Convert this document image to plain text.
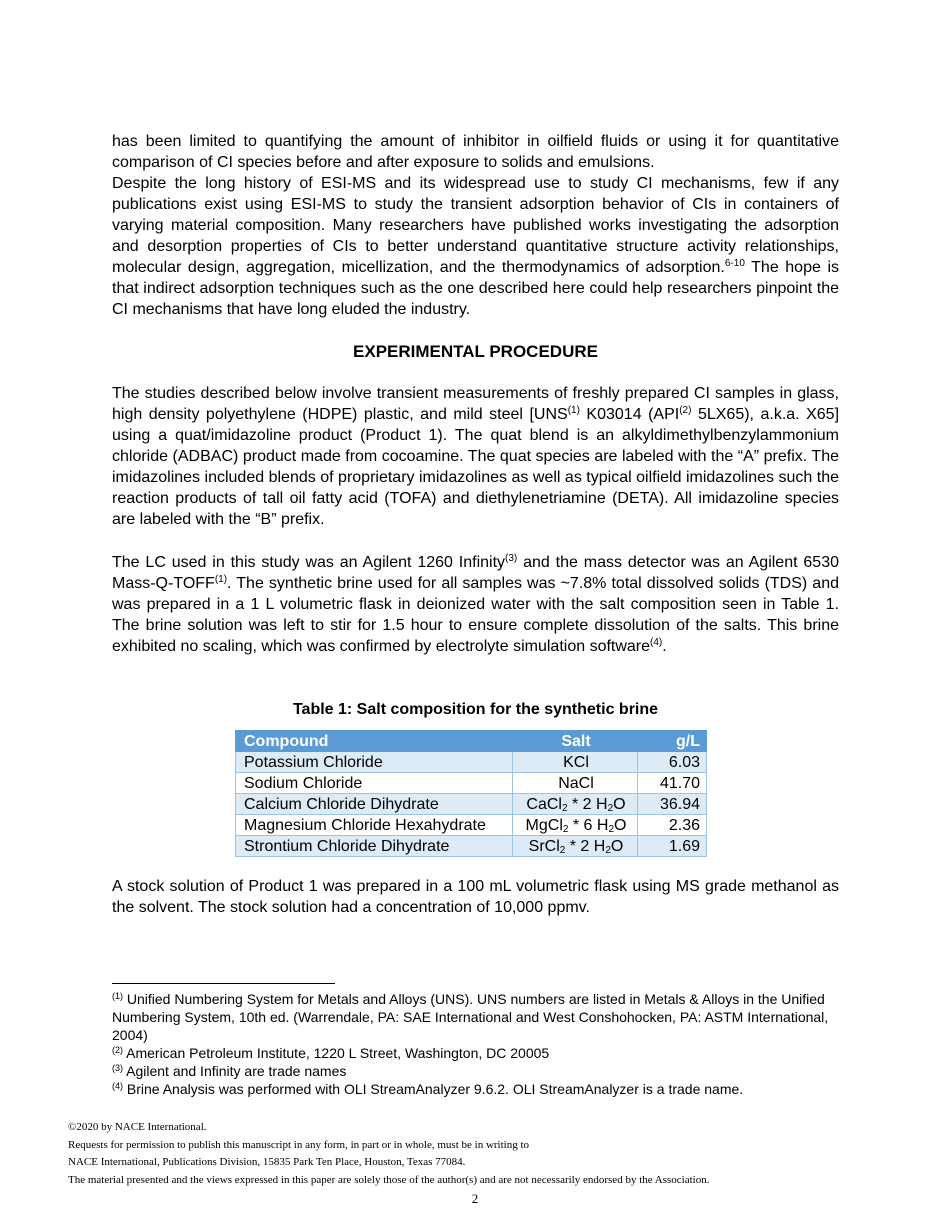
has been limited to quantifying the amount of inhibitor in oilfield fluids or using it for quantitative comparison of CI species before and after exposure to solids and emulsions.

Despite the long history of ESI-MS and its widespread use to study CI mechanisms, few if any publications exist using ESI-MS to study the transient adsorption behavior of CIs in containers of varying material composition. Many researchers have published works investigating the adsorption and desorption properties of CIs to better understand quantitative structure activity relationships, molecular design, aggregation, micellization, and the thermodynamics of adsorption.$^{6-10}$ The hope is that indirect adsorption techniques such as the one described here could help researchers pinpoint the CI mechanisms that have long eluded the industry.

EXPERIMENTAL PROCEDURE

The studies described below involve transient measurements of freshly prepared CI samples in glass, high density polyethylene (HDPE) plastic, and mild steel [UNS$^{(1)}$ K03014 (API$^{(2)}$ 5LX65), a.k.a. X65] using a quat/imidazoline product (Product 1). The quat blend is an alkyldimethylbenzylammonium chloride (ADBAC) product made from cocoamine. The quat species are labeled with the “A” prefix. The imidazolines included blends of proprietary imidazolines as well as typical oilfield imidazolines such the reaction products of tall oil fatty acid (TOFA) and diethylenetriamine (DETA). All imidazoline species are labeled with the “B” prefix.

The LC used in this study was an Agilent 1260 Infinity$^{(3)}$ and the mass detector was an Agilent 6530 Mass-Q-TOFF$^{(1)}$. The synthetic brine used for all samples was ~7.8% total dissolved solids (TDS) and was prepared in a 1 L volumetric flask in deionized water with the salt composition seen in Table 1. The brine solution was left to stir for 1.5 hour to ensure complete dissolution of the salts. This brine exhibited no scaling, which was confirmed by electrolyte simulation software$^{(4)}$.

Table 1: Salt composition for the synthetic brine
Compound	Salt	g/L
Potassium Chloride	KCl	6.03
Sodium Chloride	NaCl	41.70
Calcium Chloride Dihydrate	CaCl$_2$ * 2 $H_2O$	36.94
Magnesium Chloride Hexahydrate	MgCl$_2$ * 6 $H_2O$	2.36
Strontium Chloride Dihydrate	SrCl$_2$ * 2 $H_2O$	1.69

A stock solution of Product 1 was prepared in a 100 mL volumetric flask using MS grade methanol as the solvent. The stock solution had a concentration of 10,000 ppmv.

$^{(1)}$ Unified Numbering System for Metals and Alloys (UNS). UNS numbers are listed in Metals & Alloys in the Unified Numbering System, 10th ed. (Warrendale, PA: SAE International and West Conshohocken, PA: ASTM International, 2004)
$^{(2)}$ American Petroleum Institute, 1220 L Street, Washington, DC 20005
$^{(3)}$ Agilent and Infinity are trade names
$^{(4)}$ Brine Analysis was performed with OLI StreamAnalyzer 9.6.2. OLI StreamAnalyzer is a trade name.
©2020 by NACE International.
Requests for permission to publish this manuscript in any form, in part or in whole, must be in writing to
NACE International, Publications Division, 15835 Park Ten Place, Houston, Texas 77084.
The material presented and the views expressed in this paper are solely those of the author(s) and are not necessarily endorsed by the Association.
2
